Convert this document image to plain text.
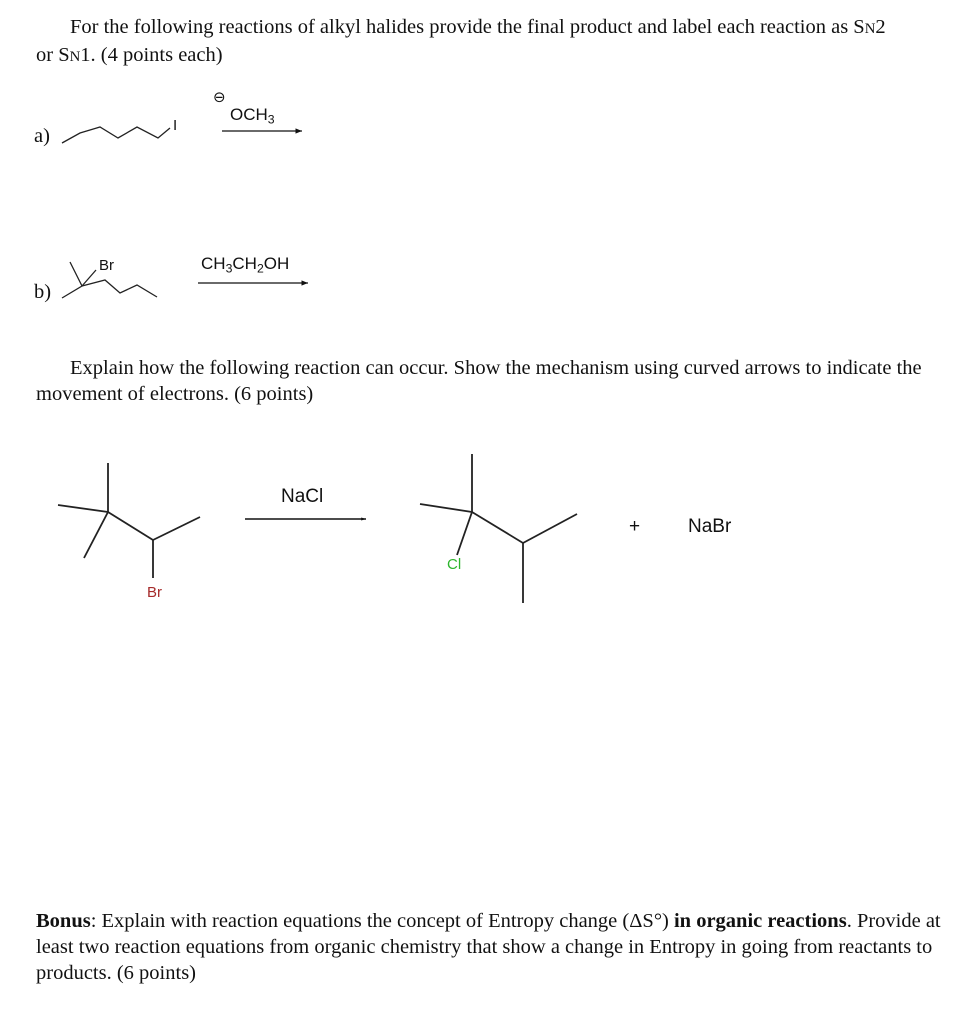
For the following reactions of alkyl halides provide the final product and label each reaction as SN2
or SN1. (4 points each)
a)	I
⊖
$OCH_3$
b)
Br	$CH_3CH_2OH$
Explain how the following reaction can occur. Show the mechanism using curved arrows to indicate the movement of electrons. (6 points)
Br
NaCl
Cl
+	NaBr
Bonus: Explain with reaction equations the concept of Entropy change (ΔS°) in organic reactions. Provide at least two reaction equations from organic chemistry that show a change in Entropy in going from reactants to products. (6 points)
